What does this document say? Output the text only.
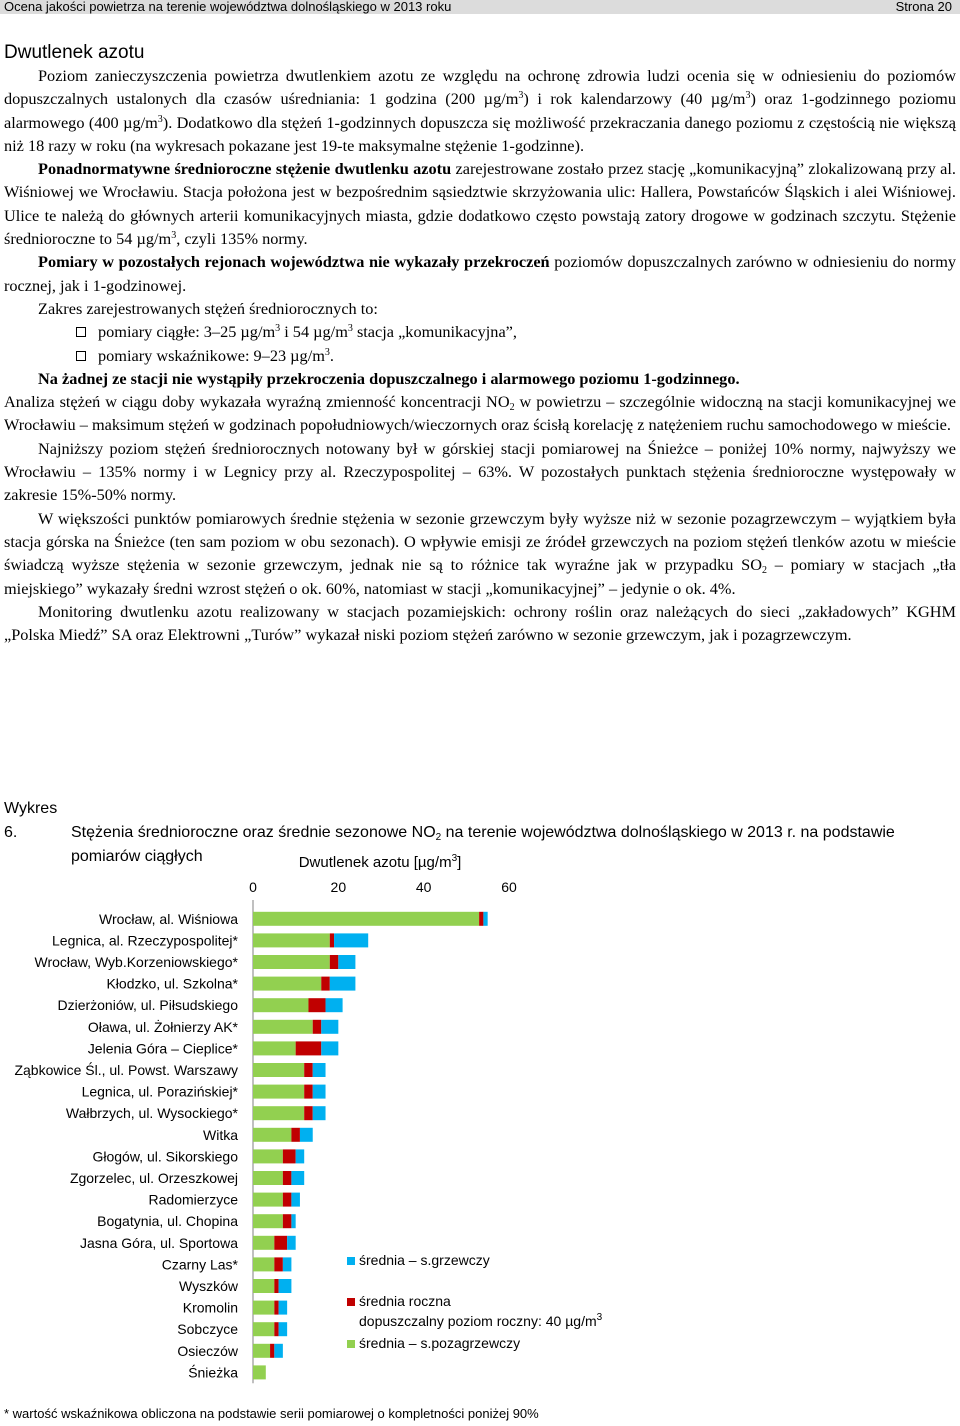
Ocena jakości powietrza na terenie województwa dolnośląskiego w 2013 roku	Strona 20
Dwutlenek azotu

Poziom zanieczyszczenia powietrza dwutlenkiem azotu ze względu na ochronę zdrowia ludzi ocenia się w odniesieniu do poziomów dopuszczalnych ustalonych dla czasów uśredniania: 1 godzina (200 $\mu g/m^3$) i rok kalendarzowy (40 $\mu g/m^3$) oraz 1-godzinnego poziomu alarmowego (400 $\mu g/m^3$). Dodatkowo dla stężeń 1-godzinnych dopuszcza się możliwość przekraczania danego poziomu z częstością nie większą niż 18 razy w roku (na wykresach pokazane jest 19-te maksymalne stężenie 1-godzinne).

Ponadnormatywne średnioroczne stężenie dwutlenku azotu zarejestrowane zostało przez stację „komunikacyjną” zlokalizowaną przy al. Wiśniowej we Wrocławiu. Stacja położona jest w bezpośrednim sąsiedztwie skrzyżowania ulic: Hallera, Powstańców Śląskich i alei Wiśniowej. Ulice te należą do głównych arterii komunikacyjnych miasta, gdzie dodatkowo często powstają zatory drogowe w godzinach szczytu. Stężenie średnioroczne to 54 $\mu g/m^3$, czyli 135% normy.

Pomiary w pozostałych rejonach województwa nie wykazały przekroczeń poziomów dopuszczalnych zarówno w odniesieniu do normy rocznej, jak i 1-godzinowej.

Zakres zarejestrowanych stężeń średniorocznych to:

pomiary ciągłe: 3–25 $\mu g/m^3$ i 54 $\mu g/m^3$ stacja „komunikacyjna”,

pomiary wskaźnikowe: 9–23 $\mu g/m^3$.

Na żadnej ze stacji nie wystąpiły przekroczenia dopuszczalnego i alarmowego poziomu 1-godzinnego.

Analiza stężeń w ciągu doby wykazała wyraźną zmienność koncentracji $NO_2$ w powietrzu – szczególnie widoczną na stacji komunikacyjnej we Wrocławiu – maksimum stężeń w godzinach popołudniowych/wieczornych oraz ścisłą korelację z natężeniem ruchu samochodowego w mieście.

Najniższy poziom stężeń średniorocznych notowany był w górskiej stacji pomiarowej na Śnieżce – poniżej 10% normy, najwyższy we Wrocławiu – 135% normy i w Legnicy przy al. Rzeczypospolitej – 63%. W pozostałych punktach stężenia średnioroczne występowały w zakresie 15%-50% normy.

W większości punktów pomiarowych średnie stężenia w sezonie grzewczym były wyższe niż w sezonie pozagrzewczym – wyjątkiem była stacja górska na Śnieżce (ten sam poziom w obu sezonach). O wpływie emisji ze źródeł grzewczych na poziom stężeń tlenków azotu w mieście świadczą wyższe stężenia w sezonie grzewczym, jednak nie są to różnice tak wyraźne jak w przypadku $SO_2$ – pomiary w stacjach „tła miejskiego” wykazały średni wzrost stężeń o ok. 60%, natomiast w stacji „komunikacyjnej” – jedynie o ok. 4%.

Monitoring dwutlenku azotu realizowany w stacjach pozamiejskich: ochrony roślin oraz należących do sieci „zakładowych” KGHM „Polska Miedź” SA oraz Elektrowni „Turów” wykazał niski poziom stężeń zarówno w sezonie grzewczym, jak i pozagrzewczym.

Wykres 6.	Stężenia średnioroczne oraz średnie sezonowe $NO_2$ na terenie województwa dolnośląskiego w 2013 r. na podstawie
pomiarów ciągłych	Dwutlenek azotu $[\mu g/m^3]$
0	20	40	60
Wrocław, al. Wiśniowa
Legnica, al. Rzeczypospolitej*
Wrocław, Wyb.Korzeniowskiego*
Kłodzko, ul. Szkolna*
Dzierżoniów, ul. Piłsudskiego
Oława, ul. Żołnierzy AK*
Jelenia Góra – Cieplice*
Ząbkowice Śl., ul. Powst. Warszawy
Legnica, ul. Porazińskiej*
Wałbrzych, ul. Wysockiego*
Witka
Głogów, ul. Sikorskiego
Zgorzelec, ul. Orzeszkowej
Radomierzyce
Bogatynia, ul. Chopina
Jasna Góra, ul. Sportowa
Czarny Las*
Wyszków
Kromolin
Sobczyce
Osieczów
Śnieżka
średnia – s.grzewczy
średnia roczna
dopuszczalny poziom roczny: 40 $\mu g/m^3$
średnia – s.pozagrzewczy
* wartość wskaźnikowa obliczona na podstawie serii pomiarowej o kompletności poniżej 90%
